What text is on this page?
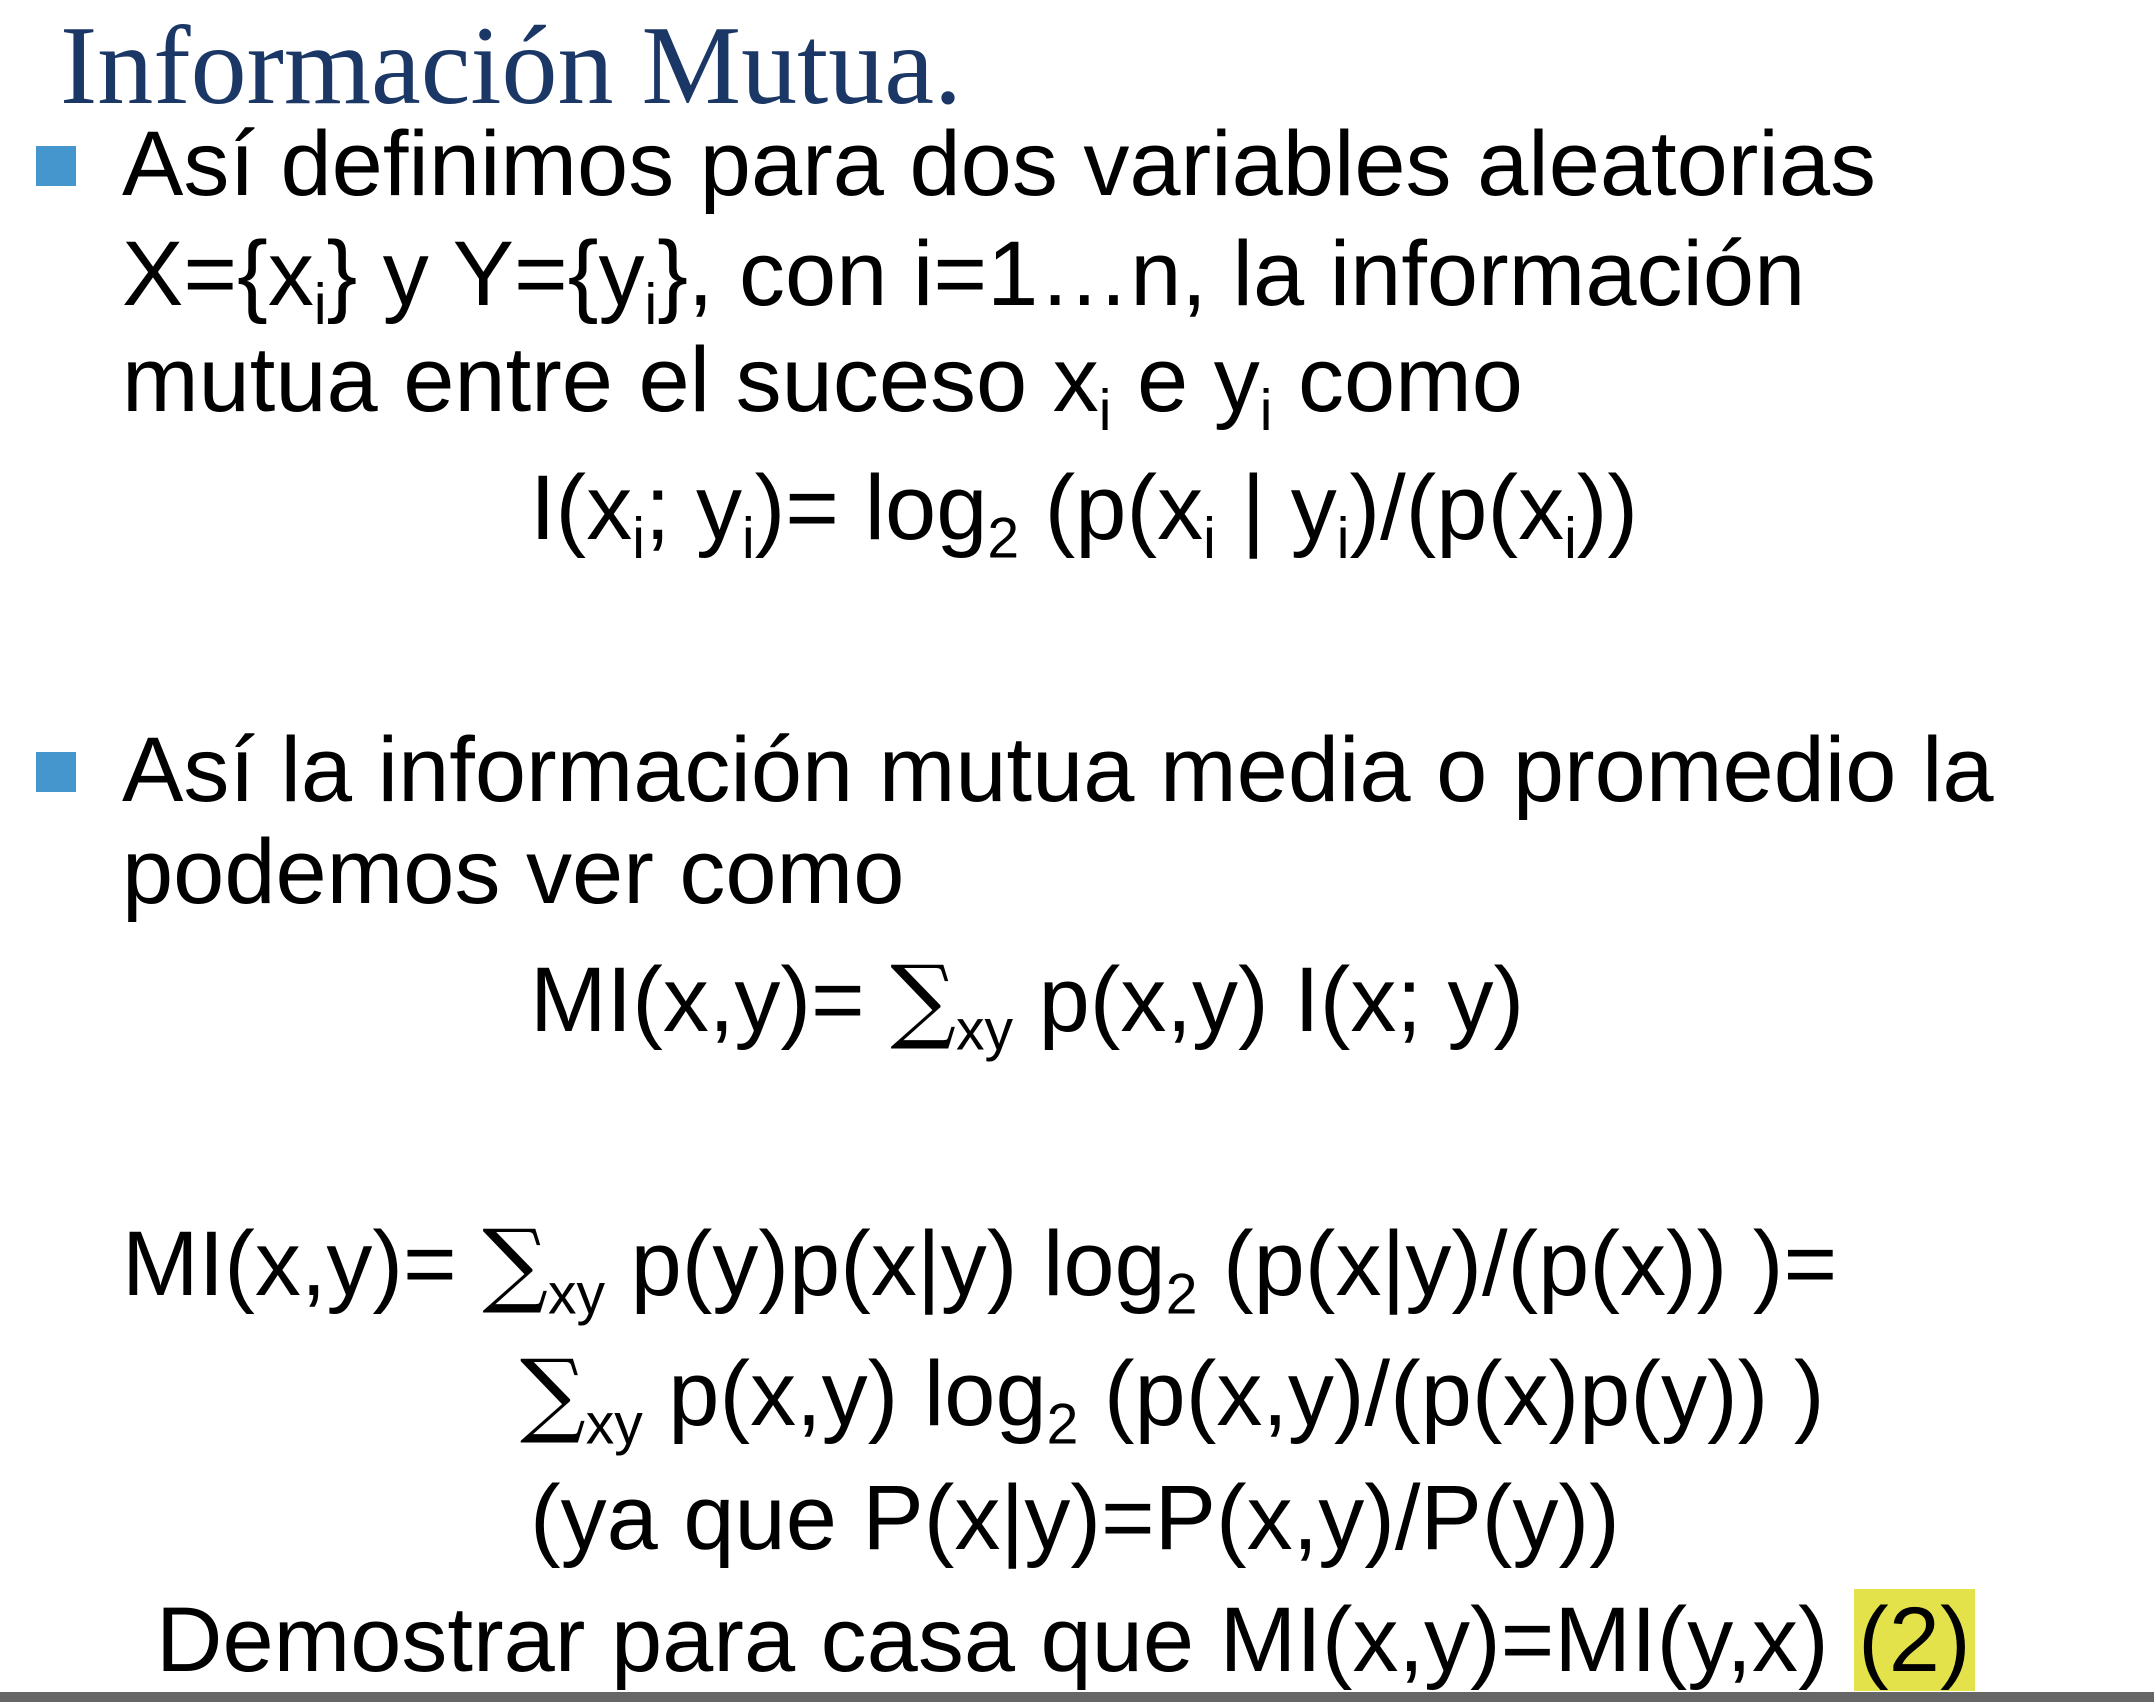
Información Mutua.
Así definimos para dos variables aleatorias
$X=\{x_i\}$ y $Y=\{y_i\}$, con i=1…n, la información
mutua entre el suceso $x_i$ e $y_i$ como
$I(x_i$; $y_i)= \log_2 (p(x_i$ | $y_i)/(p(x_i))$
Así la información mutua media o promedio la
podemos ver como
$MI(x,y)= \sum_{xy}$ p(x,y) I(x; y)
$MI(x,y)= \sum_{xy}$ p(y)p(x|y) $\log_2 (p(x|y)/(p(x))$ )=
$\sum_{xy}$ p(x,y) $\log_2 (p(x,y)/(p(x)p(y))$ )
(ya que P(x|y)=P(x,y)/P(y))
Demostrar para casa que MI(x,y)=MI(y,x) (2)
